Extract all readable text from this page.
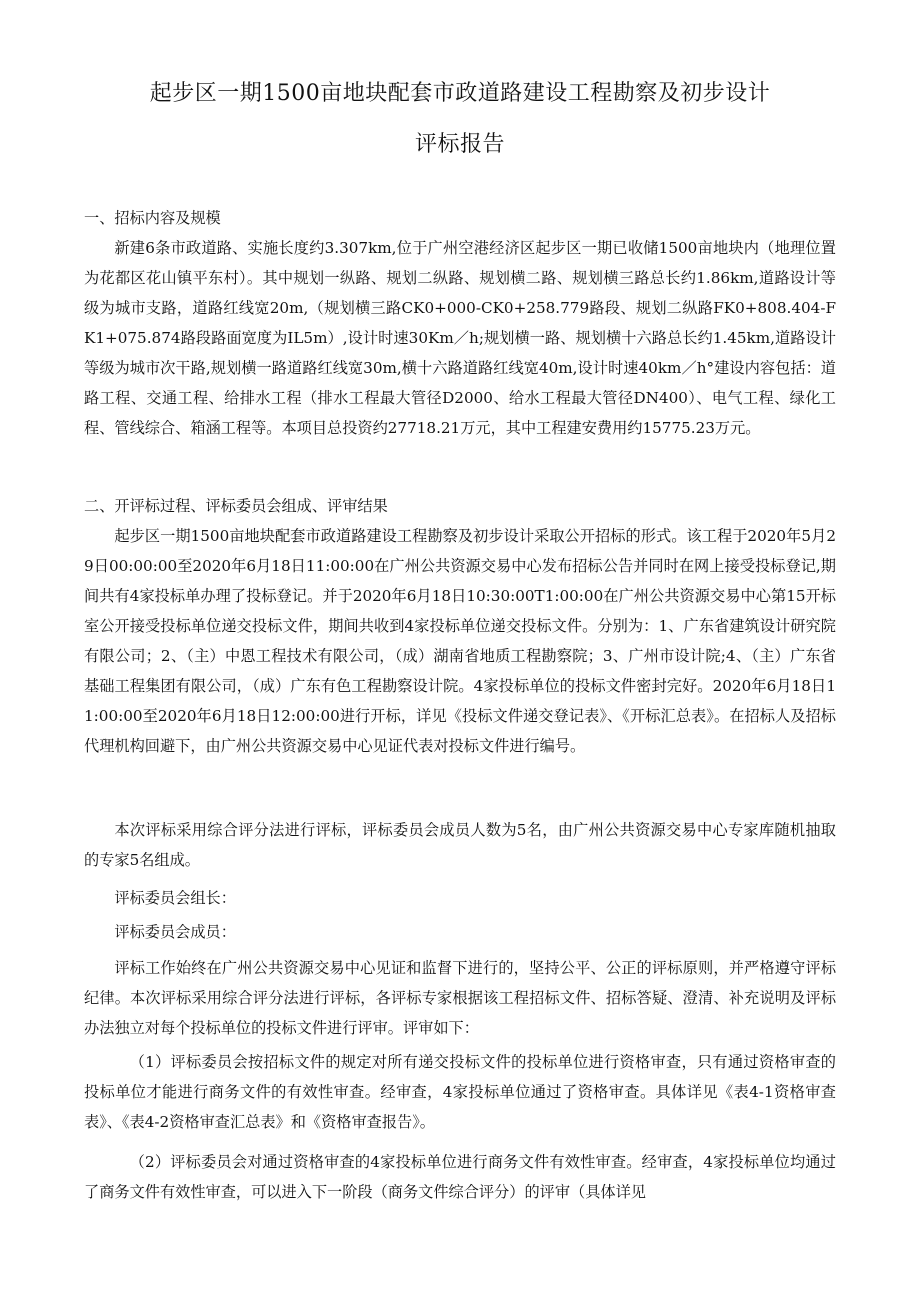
起步区一期1500亩地块配套市政道路建设工程勘察及初步设计
评标报告
一、招标内容及规模
新建6条市政道路、实施长度约3.307km,位于广州空港经济区起步区一期已收储1500亩地块内（地理位置为花都区花山镇平东村）。其中规划一纵路、规划二纵路、规划横二路、规划横三路总长约1.86km,道路设计等级为城市支路，道路红线宽20m,（规划横三路CK0+000-CK0+258.779路段、规划二纵路FK0+808.404-FK1+075.874路段路面宽度为IL5m）,设计时速30Km／h;规划横一路、规划横十六路总长约1.45km,道路设计等级为城市次干路,规划横一路道路红线宽30m,横十六路道路红线宽40m,设计时速40km／h°建设内容包括：道路工程、交通工程、给排水工程（排水工程最大管径D2000、给水工程最大管径DN400）、电气工程、绿化工程、管线综合、箱涵工程等。本项目总投资约27718.21万元，其中工程建安费用约15775.23万元。
二、开评标过程、评标委员会组成、评审结果
起步区一期1500亩地块配套市政道路建设工程勘察及初步设计采取公开招标的形式。该工程于2020年5月29日00:00:00至2020年6月18日11:00:00在广州公共资源交易中心发布招标公告并同时在网上接受投标登记,期间共有4家投标单办理了投标登记。并于2020年6月18日10:30:00T1:00:00在广州公共资源交易中心第15开标室公开接受投标单位递交投标文件，期间共收到4家投标单位递交投标文件。分别为：1、广东省建筑设计研究院有限公司；2、（主）中恩工程技术有限公司，（成）湖南省地质工程勘察院；3、广州市设计院;4、（主）广东省基础工程集团有限公司，（成）广东有色工程勘察设计院。4家投标单位的投标文件密封完好。2020年6月18日11:00:00至2020年6月18日12:00:00进行开标，详见《投标文件递交登记表》、《开标汇总表》。在招标人及招标代理机构回避下，由广州公共资源交易中心见证代表对投标文件进行编号。
本次评标采用综合评分法进行评标，评标委员会成员人数为5名，由广州公共资源交易中心专家库随机抽取的专家5名组成。
评标委员会组长：
评标委员会成员：
评标工作始终在广州公共资源交易中心见证和监督下进行的，坚持公平、公正的评标原则，并严格遵守评标纪律。本次评标采用综合评分法进行评标，各评标专家根据该工程招标文件、招标答疑、澄清、补充说明及评标办法独立对每个投标单位的投标文件进行评审。评审如下：
（1）评标委员会按招标文件的规定对所有递交投标文件的投标单位进行资格审查，只有通过资格审查的投标单位才能进行商务文件的有效性审查。经审查，4家投标单位通过了资格审查。具体详见《表4-1资格审查表》、《表4-2资格审查汇总表》和《资格审查报告》。
（2）评标委员会对通过资格审查的4家投标单位进行商务文件有效性审查。经审查，4家投标单位均通过了商务文件有效性审查，可以进入下一阶段（商务文件综合评分）的评审（具体详见
